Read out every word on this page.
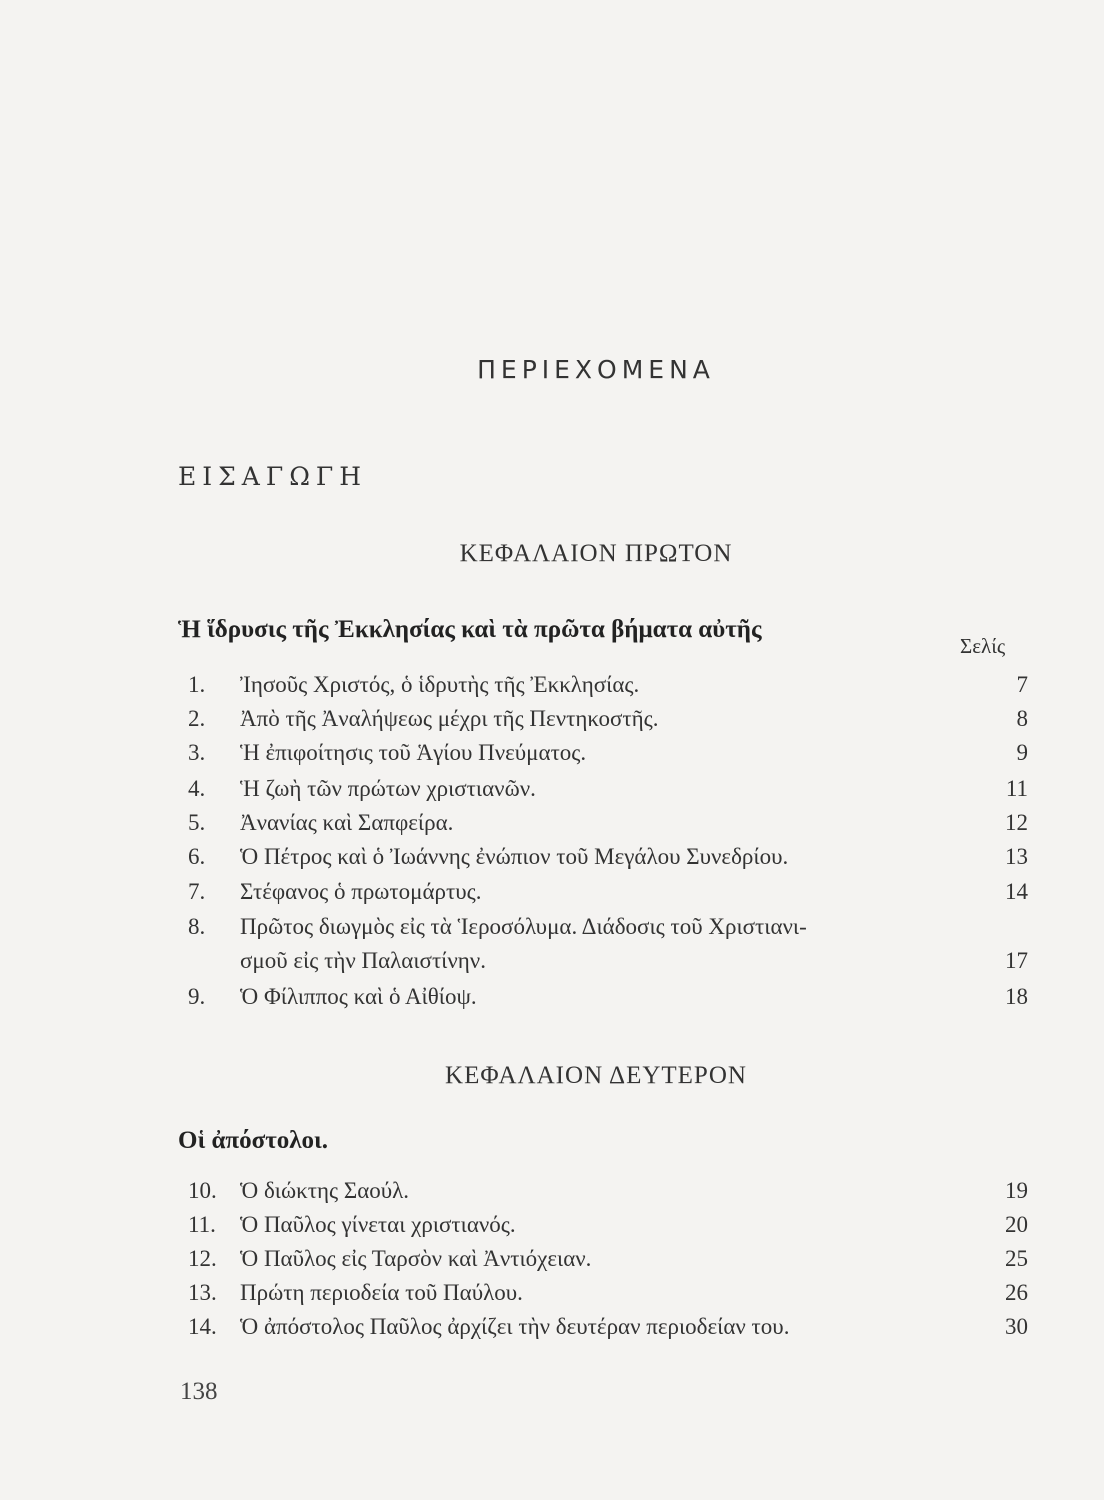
ΠΕΡΙΕΧΟΜΕΝΑ
ΕΙΣΑΓΩΓΗ
ΚΕΦΑΛΑΙΟΝ ΠΡΩΤΟΝ
Ἡ ἵδρυσις τῆς Ἐκκλησίας καὶ τὰ πρῶτα βήματα αὐτῆς
Σελίς
1. Ἰησοῦς Χριστός, ὁ ἱδρυτὴς τῆς Ἐκκλησίας.	7
2. Ἀπὸ τῆς Ἀναλήψεως μέχρι τῆς Πεντηκοστῆς.	8
3. Ἡ ἐπιφοίτησις τοῦ Ἁγίου Πνεύματος.	9
4. Ἡ ζωὴ τῶν πρώτων χριστιανῶν.	11
5. Ἀνανίας καὶ Σαπφείρα.	12
6. Ὁ Πέτρος καὶ ὁ Ἰωάννης ἐνώπιον τοῦ Μεγάλου Συνεδρίου.	13
7. Στέφανος ὁ πρωτομάρτυς.	14
8. Πρῶτος διωγμὸς εἰς τὰ Ἱεροσόλυμα. Διάδοσις τοῦ Χριστιανι-
σμοῦ εἰς τὴν Παλαιστίνην.	17
9. Ὁ Φίλιππος καὶ ὁ Αἰθίοψ.	18
ΚΕΦΑΛΑΙΟΝ ΔΕΥΤΕΡΟΝ
Οἱ ἀπόστολοι.
10. Ὁ διώκτης Σαούλ.	19
11. Ὁ Παῦλος γίνεται χριστιανός.	20
12. Ὁ Παῦλος εἰς Ταρσὸν καὶ Ἀντιόχειαν.	25
13. Πρώτη περιοδεία τοῦ Παύλου.	26
14. Ὁ ἀπόστολος Παῦλος ἀρχίζει τὴν δευτέραν περιοδείαν του.	30
138
